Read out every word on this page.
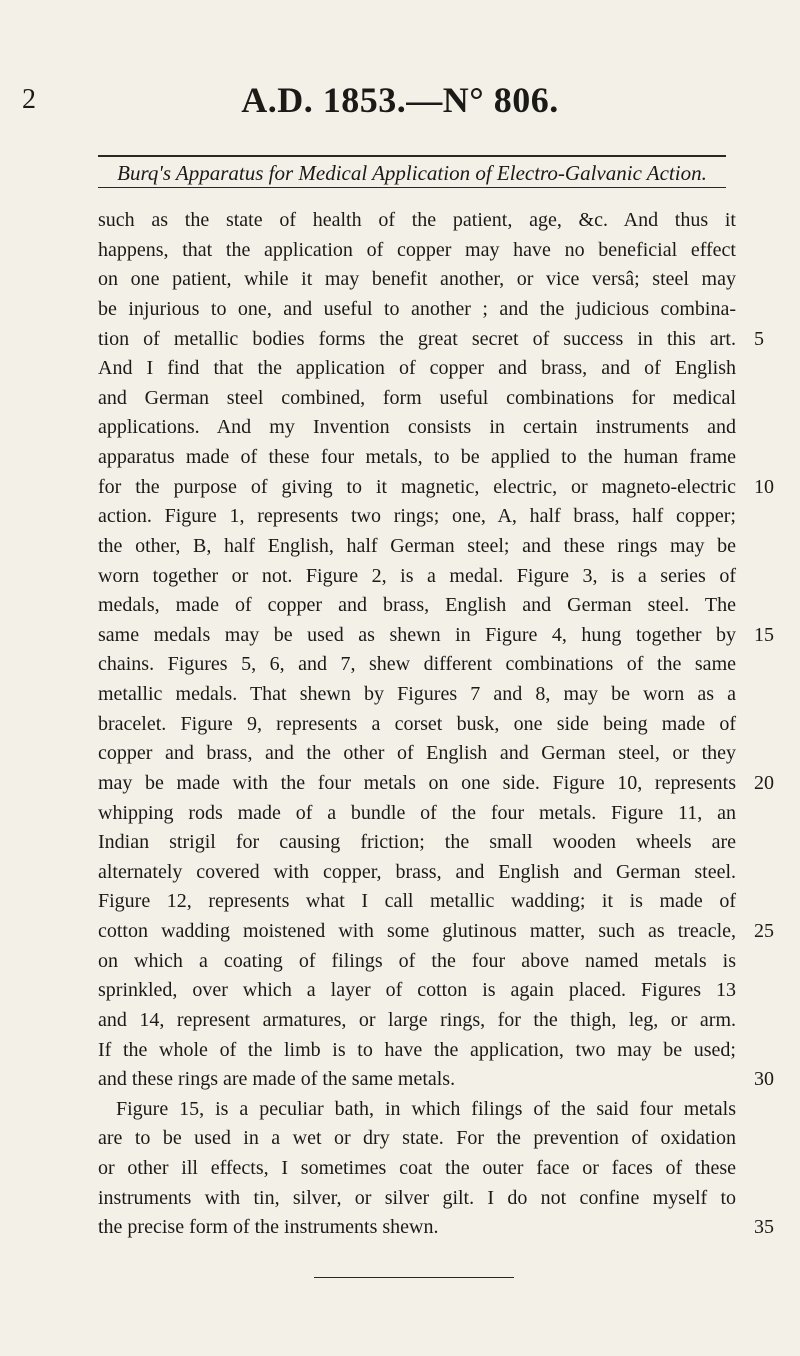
2	A.D. 1853.—N° 806.
Burq's Apparatus for Medical Application of Electro-Galvanic Action.
such as the state of health of the patient, age, &c. And thus it
happens, that the application of copper may have no beneficial effect
on one patient, while it may benefit another, or vice versâ; steel may
be injurious to one, and useful to another ; and the judicious combina-
tion of metallic bodies forms the great secret of success in this art. 5
And I find that the application of copper and brass, and of English
and German steel combined, form useful combinations for medical
applications. And my Invention consists in certain instruments and
apparatus made of these four metals, to be applied to the human frame
for the purpose of giving to it magnetic, electric, or magneto-electric 10
action. Figure 1, represents two rings; one, A, half brass, half copper;
the other, B, half English, half German steel; and these rings may be
worn together or not. Figure 2, is a medal. Figure 3, is a series of
medals, made of copper and brass, English and German steel. The
same medals may be used as shewn in Figure 4, hung together by 15
chains. Figures 5, 6, and 7, shew different combinations of the same
metallic medals. That shewn by Figures 7 and 8, may be worn as a
bracelet. Figure 9, represents a corset busk, one side being made of
copper and brass, and the other of English and German steel, or they
may be made with the four metals on one side. Figure 10, represents 20
whipping rods made of a bundle of the four metals. Figure 11, an
Indian strigil for causing friction; the small wooden wheels are
alternately covered with copper, brass, and English and German steel.
Figure 12, represents what I call metallic wadding; it is made of
cotton wadding moistened with some glutinous matter, such as treacle, 25
on which a coating of filings of the four above named metals is
sprinkled, over which a layer of cotton is again placed. Figures 13
and 14, represent armatures, or large rings, for the thigh, leg, or arm.
If the whole of the limb is to have the application, two may be used;
and these rings are made of the same metals.	30
Figure 15, is a peculiar bath, in which filings of the said four metals
are to be used in a wet or dry state. For the prevention of oxidation
or other ill effects, I sometimes coat the outer face or faces of these
instruments with tin, silver, or silver gilt. I do not confine myself to
the precise form of the instruments shewn.	35
